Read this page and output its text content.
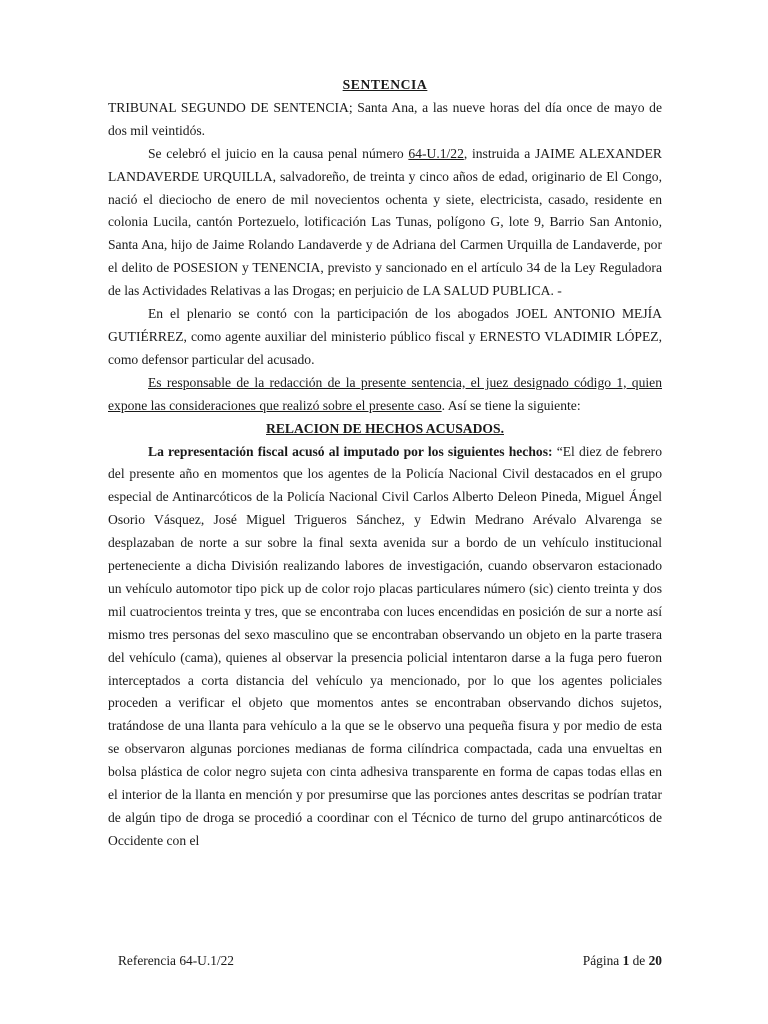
SENTENCIA

TRIBUNAL SEGUNDO DE SENTENCIA; Santa Ana, a las nueve horas del día once de mayo de dos mil veintidós.

Se celebró el juicio en la causa penal número 64-U.1/22, instruida a JAIME ALEXANDER LANDAVERDE URQUILLA, salvadoreño, de treinta y cinco años de edad, originario de El Congo, nació el dieciocho de enero de mil novecientos ochenta y siete, electricista, casado, residente en colonia Lucila, cantón Portezuelo, lotificación Las Tunas, polígono G, lote 9, Barrio San Antonio, Santa Ana, hijo de Jaime Rolando Landaverde y de Adriana del Carmen Urquilla de Landaverde, por el delito de POSESION y TENENCIA, previsto y sancionado en el artículo 34 de la Ley Reguladora de las Actividades Relativas a las Drogas; en perjuicio de LA SALUD PUBLICA. -

En el plenario se contó con la participación de los abogados JOEL ANTONIO MEJÍA GUTIÉRREZ, como agente auxiliar del ministerio público fiscal y ERNESTO VLADIMIR LÓPEZ, como defensor particular del acusado.

Es responsable de la redacción de la presente sentencia, el juez designado código 1, quien expone las consideraciones que realizó sobre el presente caso. Así se tiene la siguiente:

RELACION DE HECHOS ACUSADOS.

La representación fiscal acusó al imputado por los siguientes hechos: “El diez de febrero del presente año en momentos que los agentes de la Policía Nacional Civil destacados en el grupo especial de Antinarcóticos de la Policía Nacional Civil Carlos Alberto Deleon Pineda, Miguel Ángel Osorio Vásquez, José Miguel Trigueros Sánchez, y Edwin Medrano Arévalo Alvarenga se desplazaban de norte a sur sobre la final sexta avenida sur a bordo de un vehículo institucional perteneciente a dicha División realizando labores de investigación, cuando observaron estacionado un vehículo automotor tipo pick up de color rojo placas particulares número (sic) ciento treinta y dos mil cuatrocientos treinta y tres, que se encontraba con luces encendidas en posición de sur a norte así mismo tres personas del sexo masculino que se encontraban observando un objeto en la parte trasera del vehículo (cama), quienes al observar la presencia policial intentaron darse a la fuga pero fueron interceptados a corta distancia del vehículo ya mencionado, por lo que los agentes policiales proceden a verificar el objeto que momentos antes se encontraban observando dichos sujetos, tratándose de una llanta para vehículo a la que se le observo una pequeña fisura y por medio de esta se observaron algunas porciones medianas de forma cilíndrica compactada, cada una envueltas en bolsa plástica de color negro sujeta con cinta adhesiva transparente en forma de capas todas ellas en el interior de la llanta en mención y por presumirse que las porciones antes descritas se podrían tratar de algún tipo de droga se procedió a coordinar con el Técnico de turno del grupo antinarcóticos de Occidente con el

Referencia 64-U.1/22	Página 1 de 20
